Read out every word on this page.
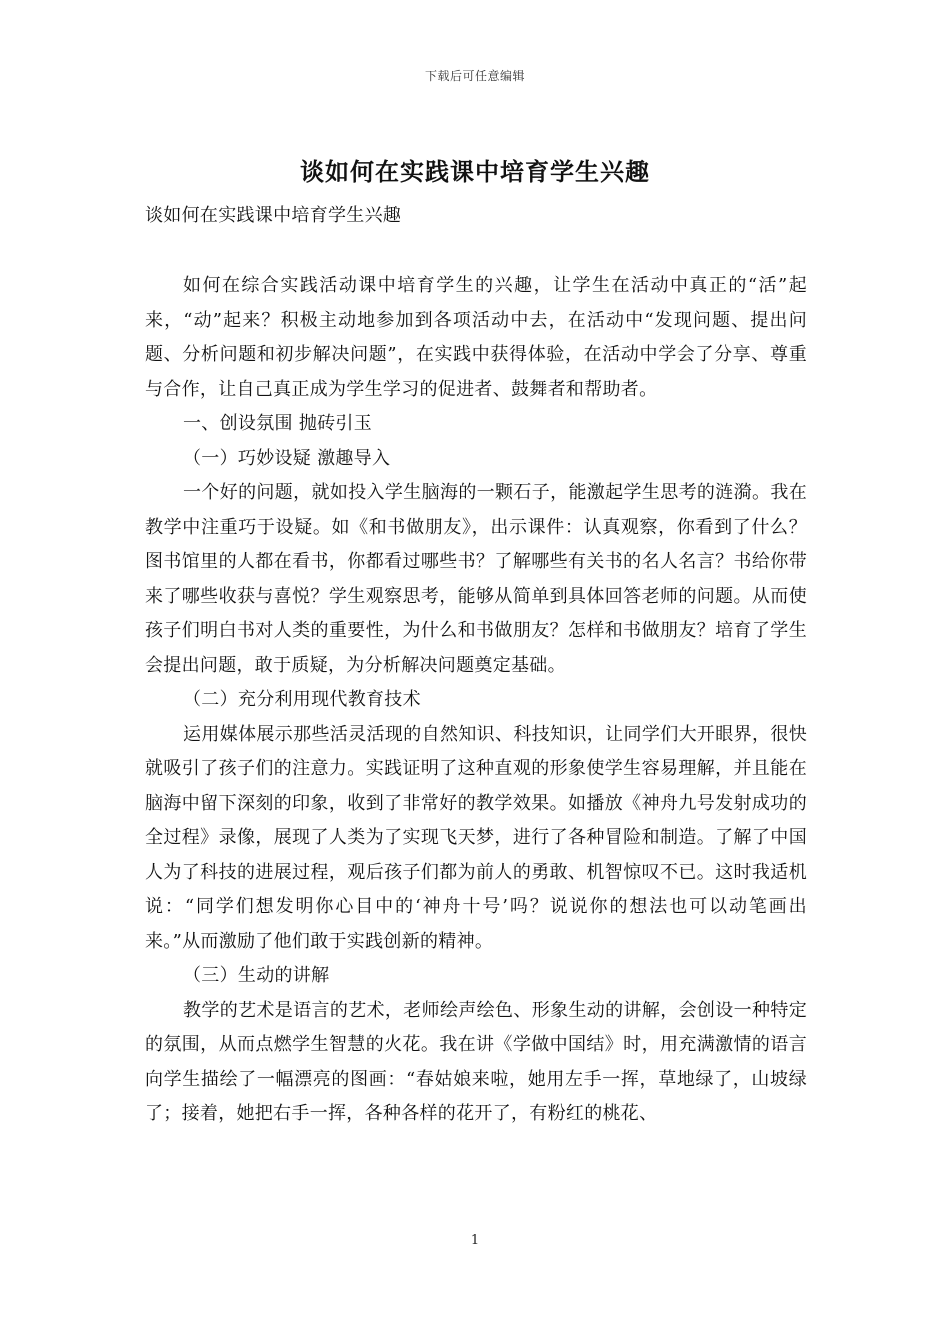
下载后可任意编辑
谈如何在实践课中培育学生兴趣

谈如何在实践课中培育学生兴趣

如何在综合实践活动课中培育学生的兴趣，让学生在活动中真正的“活”起来，“动”起来？积极主动地参加到各项活动中去，在活动中“发现问题、提出问题、分析问题和初步解决问题”，在实践中获得体验，在活动中学会了分享、尊重与合作，让自己真正成为学生学习的促进者、鼓舞者和帮助者。

一、创设氛围 抛砖引玉

（一）巧妙设疑 激趣导入

一个好的问题，就如投入学生脑海的一颗石子，能激起学生思考的涟漪。我在教学中注重巧于设疑。如《和书做朋友》，出示课件：认真观察，你看到了什么？图书馆里的人都在看书，你都看过哪些书？了解哪些有关书的名人名言？书给你带来了哪些收获与喜悦？学生观察思考，能够从简单到具体回答老师的问题。从而使孩子们明白书对人类的重要性，为什么和书做朋友？怎样和书做朋友？培育了学生会提出问题，敢于质疑，为分析解决问题奠定基础。

（二）充分利用现代教育技术

运用媒体展示那些活灵活现的自然知识、科技知识，让同学们大开眼界，很快就吸引了孩子们的注意力。实践证明了这种直观的形象使学生容易理解，并且能在脑海中留下深刻的印象，收到了非常好的教学效果。如播放《神舟九号发射成功的全过程》录像，展现了人类为了实现飞天梦，进行了各种冒险和制造。了解了中国人为了科技的进展过程，观后孩子们都为前人的勇敢、机智惊叹不已。这时我适机说：“同学们想发明你心目中的‘神舟十号’吗？说说你的想法也可以动笔画出来。”从而激励了他们敢于实践创新的精神。

（三）生动的讲解

教学的艺术是语言的艺术，老师绘声绘色、形象生动的讲解，会创设一种特定的氛围，从而点燃学生智慧的火花。我在讲《学做中国结》时，用充满激情的语言向学生描绘了一幅漂亮的图画：“春姑娘来啦，她用左手一挥，草地绿了，山坡绿了；接着，她把右手一挥，各种各样的花开了，有粉红的桃花、

1
